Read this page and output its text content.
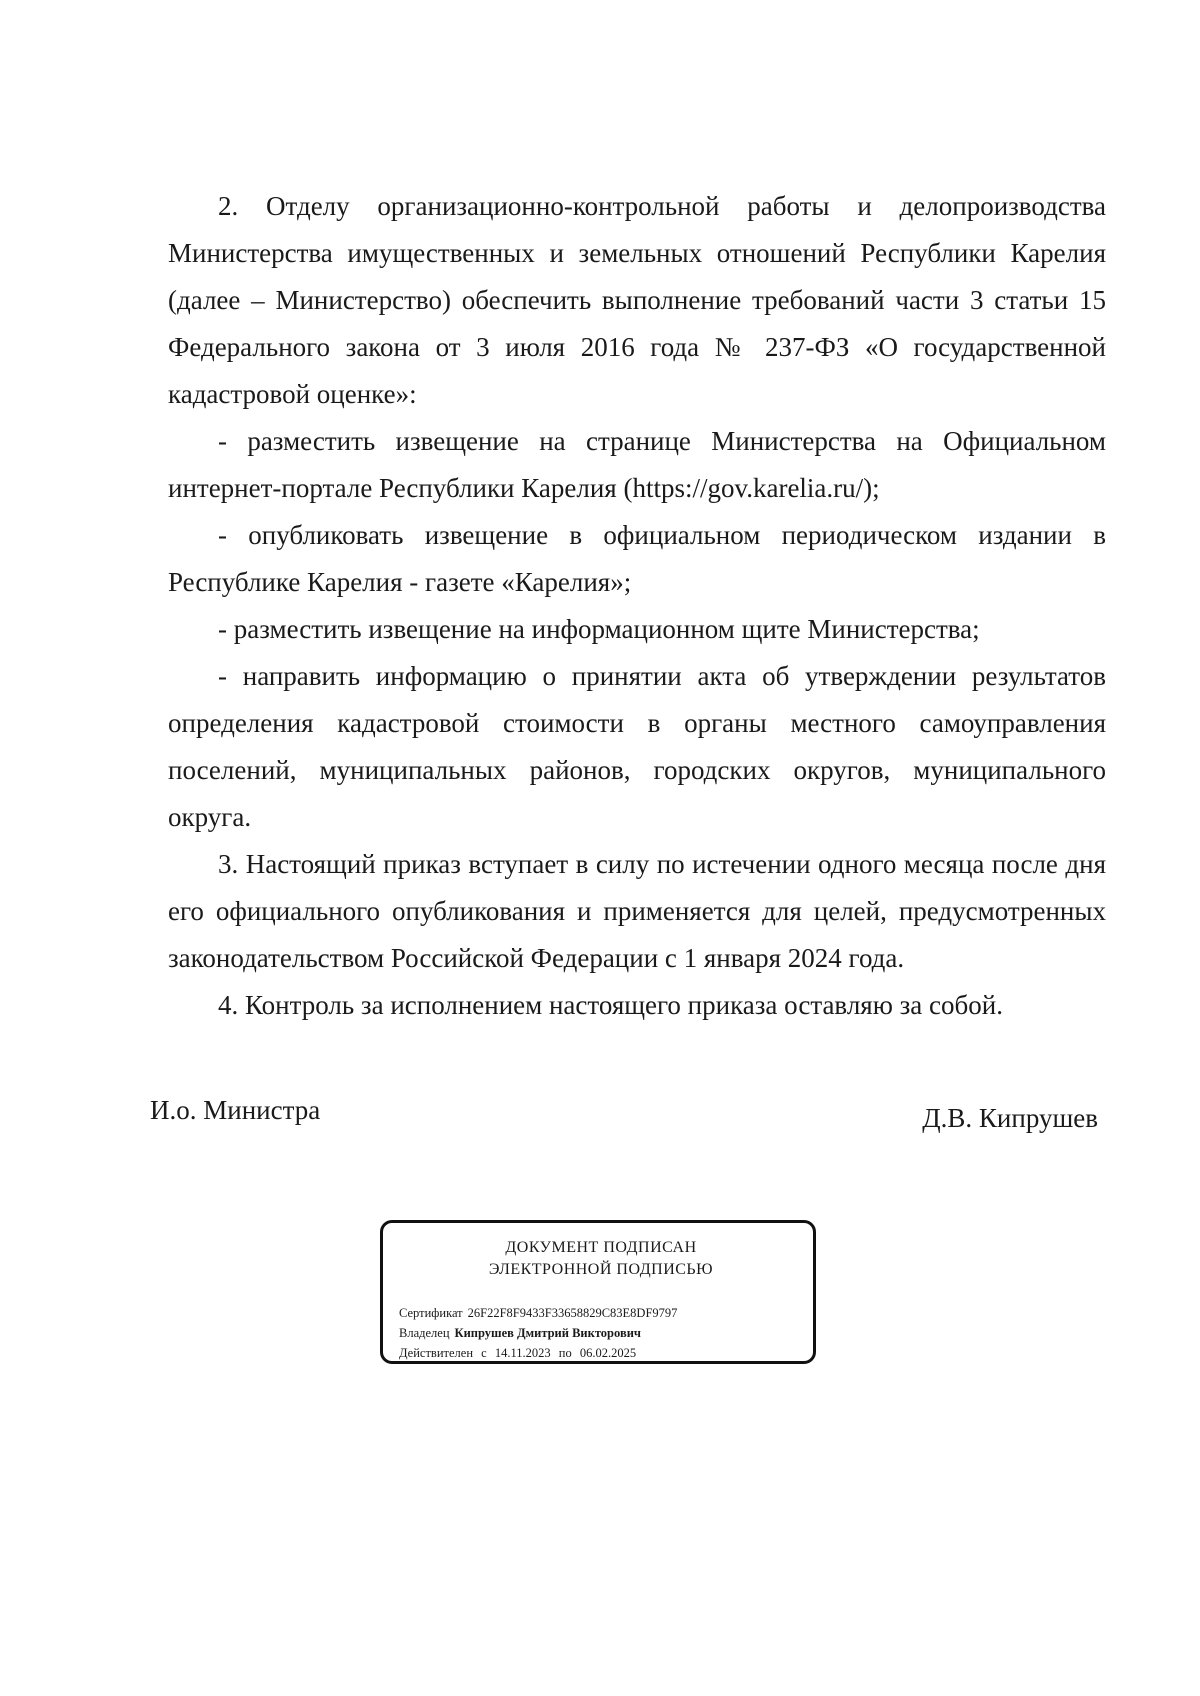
2. Отделу организационно-контрольной работы и делопроизводства Министерства имущественных и земельных отношений Республики Карелия (далее – Министерство) обеспечить выполнение требований части 3 статьи 15 Федерального закона от 3 июля 2016 года № 237-ФЗ «О государственной кадастровой оценке»:

- разместить извещение на странице Министерства на Официальном интернет-портале Республики Карелия (https://gov.karelia.ru/);

- опубликовать извещение в официальном периодическом издании в Республике Карелия - газете «Карелия»;

- разместить извещение на информационном щите Министерства;

- направить информацию о принятии акта об утверждении результатов определения кадастровой стоимости в органы местного самоуправления поселений, муниципальных районов, городских округов, муниципального округа.

3. Настоящий приказ вступает в силу по истечении одного месяца после дня его официального опубликования и применяется для целей, предусмотренных законодательством Российской Федерации с 1 января 2024 года.

4. Контроль за исполнением настоящего приказа оставляю за собой.

И.о. Министра	Д.В. Кипрушев
ДОКУМЕНТ ПОДПИСАН
ЭЛЕКТРОННОЙ ПОДПИСЬЮ
Сертификат 26F22F8F9433F33658829C83E8DF9797
Владелец Кипрушев Дмитрий Викторович
Действителен с 14.11.2023 по 06.02.2025
